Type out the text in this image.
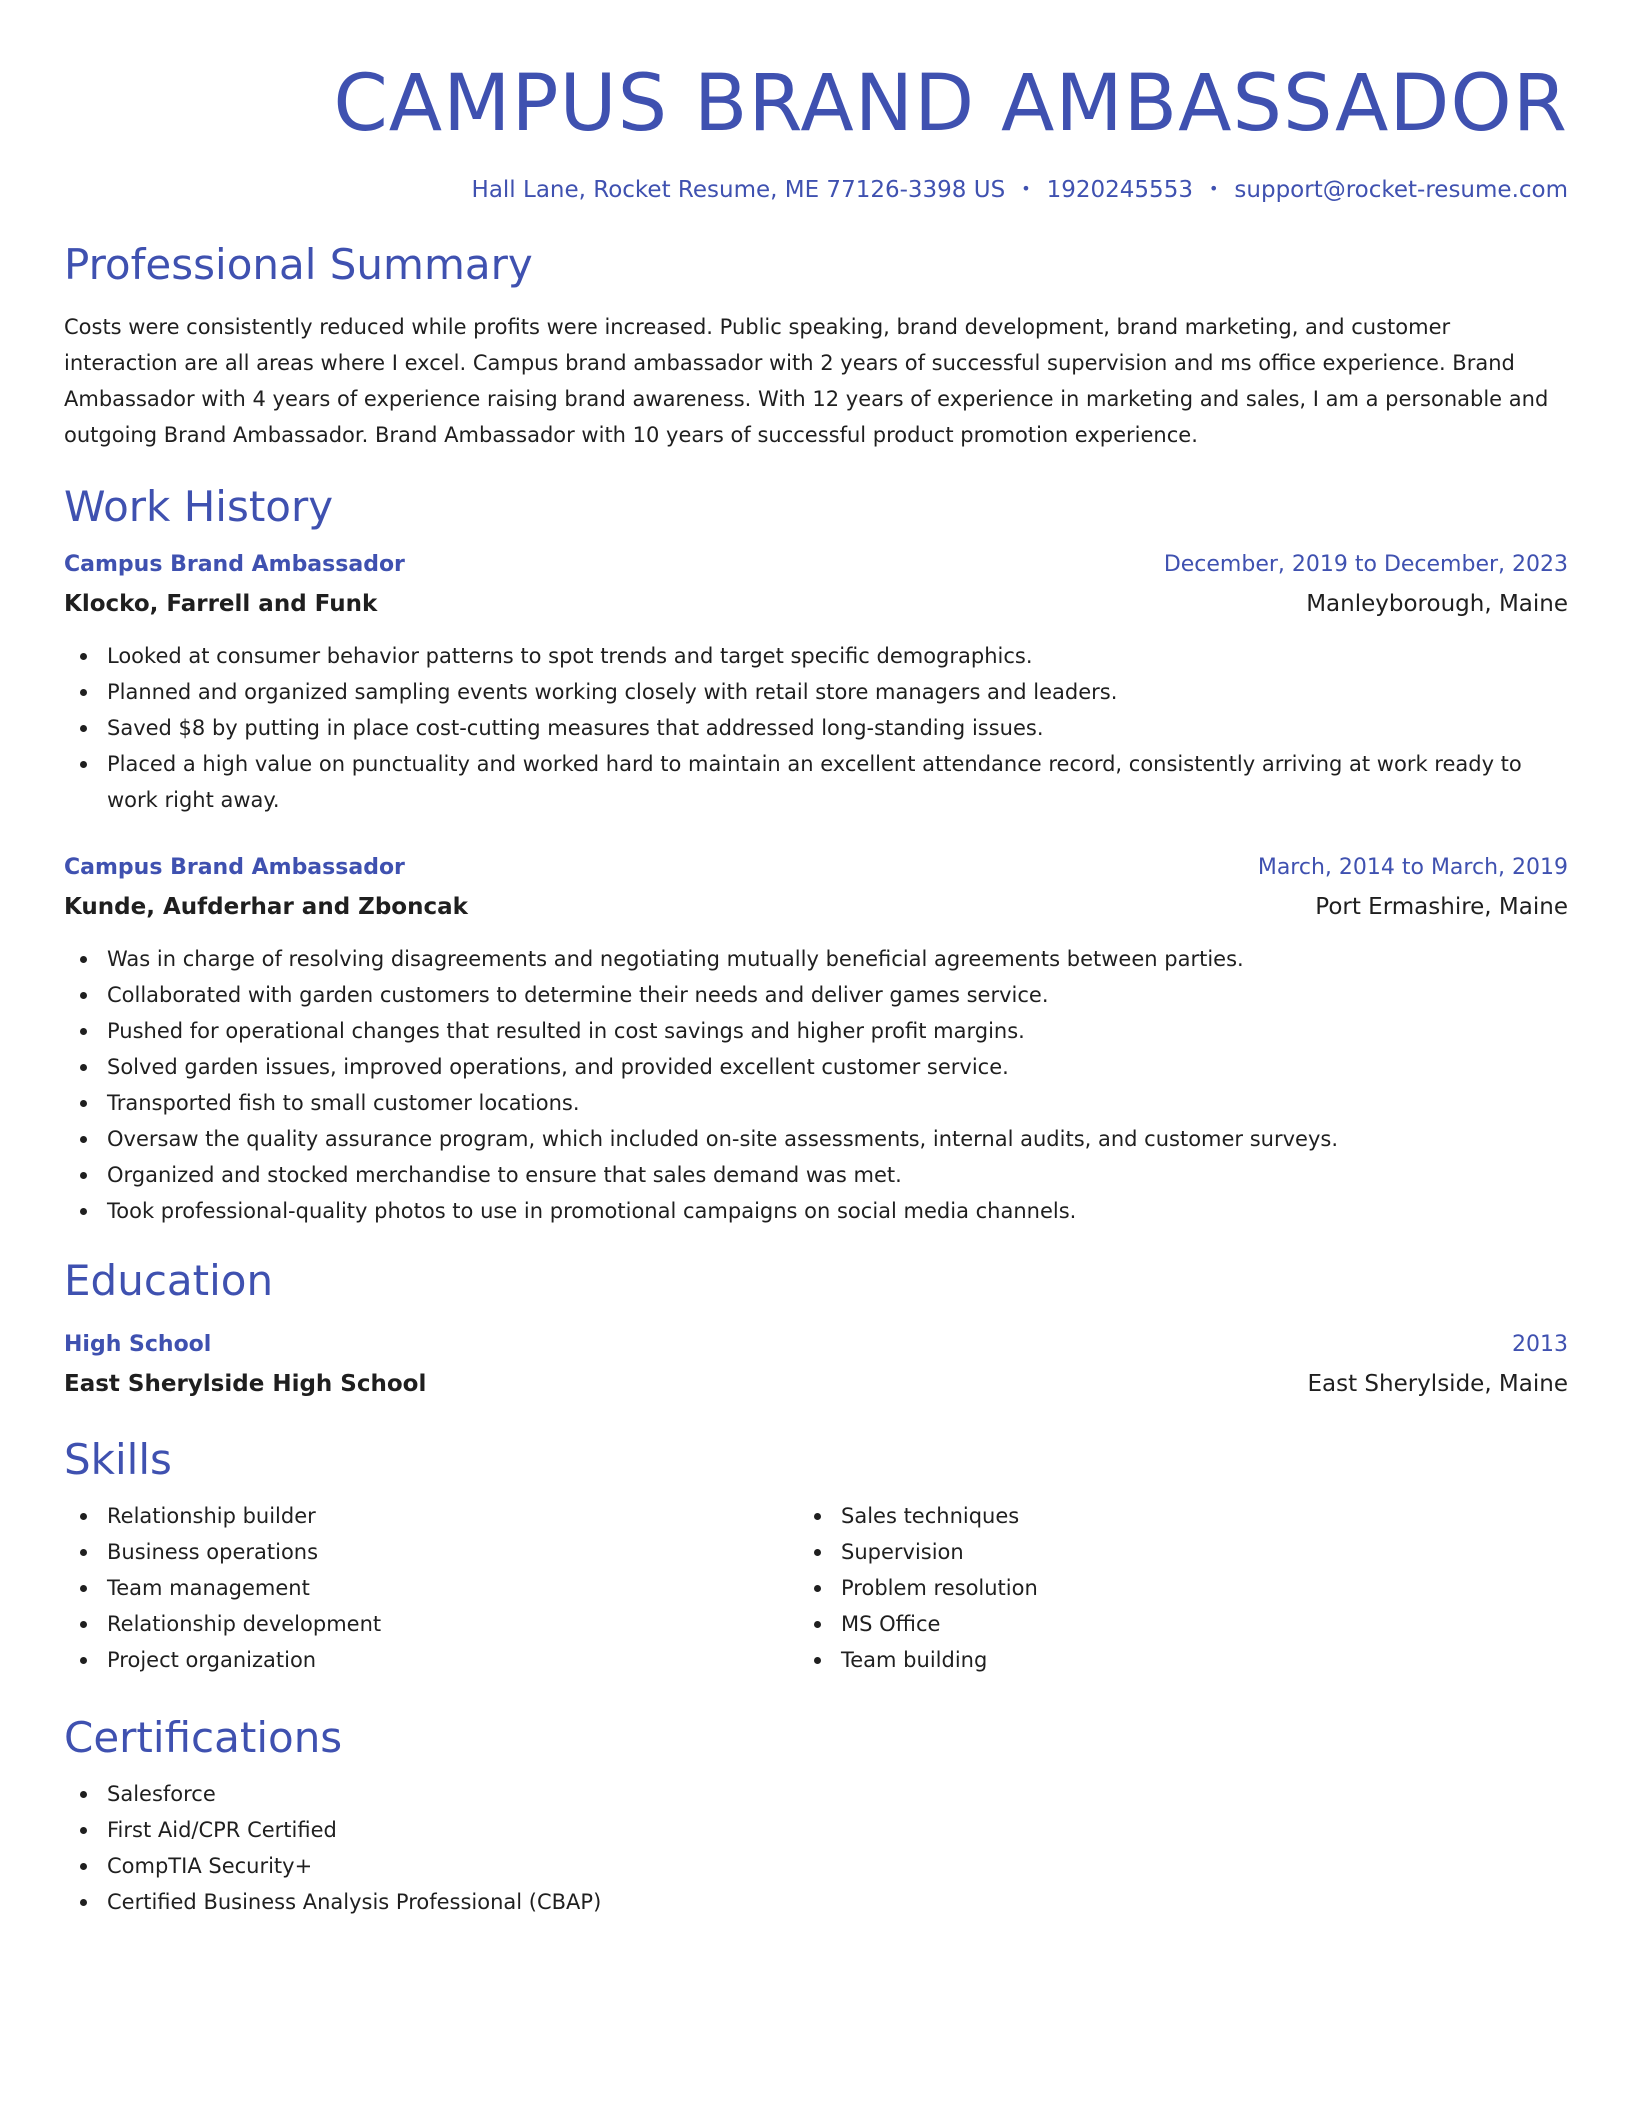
CAMPUS BRAND AMBASSADOR
Hall Lane, Rocket Resume, ME 77126-3398 US • 1920245553 • support@rocket-resume.com
Professional Summary

Costs were consistently reduced while profits were increased. Public speaking, brand development, brand marketing, and customer interaction are all areas where I excel. Campus brand ambassador with 2 years of successful supervision and ms office experience. Brand Ambassador with 4 years of experience raising brand awareness. With 12 years of experience in marketing and sales, I am a personable and outgoing Brand Ambassador. Brand Ambassador with 10 years of successful product promotion experience.

Work History
Campus Brand Ambassador	December, 2019 to December, 2023
Klocko, Farrell and Funk	Manleyborough, Maine
Looked at consumer behavior patterns to spot trends and target specific demographics.
Planned and organized sampling events working closely with retail store managers and leaders.
Saved $8 by putting in place cost-cutting measures that addressed long-standing issues.
Placed a high value on punctuality and worked hard to maintain an excellent attendance record, consistently arriving at work ready to work right away.
Campus Brand Ambassador	March, 2014 to March, 2019
Kunde, Aufderhar and Zboncak	Port Ermashire, Maine
Was in charge of resolving disagreements and negotiating mutually beneficial agreements between parties.
Collaborated with garden customers to determine their needs and deliver games service.
Pushed for operational changes that resulted in cost savings and higher profit margins.
Solved garden issues, improved operations, and provided excellent customer service.
Transported fish to small customer locations.
Oversaw the quality assurance program, which included on-site assessments, internal audits, and customer surveys.
Organized and stocked merchandise to ensure that sales demand was met.
Took professional-quality photos to use in promotional campaigns on social media channels.
Education
High School	2013
East Sherylside High School	East Sherylside, Maine
Skills
Relationship builder
Business operations
Team management
Relationship development
Project organization
Sales techniques
Supervision
Problem resolution
MS Office
Team building
Certifications
Salesforce
First Aid/CPR Certified
CompTIA Security+
Certified Business Analysis Professional (CBAP)
